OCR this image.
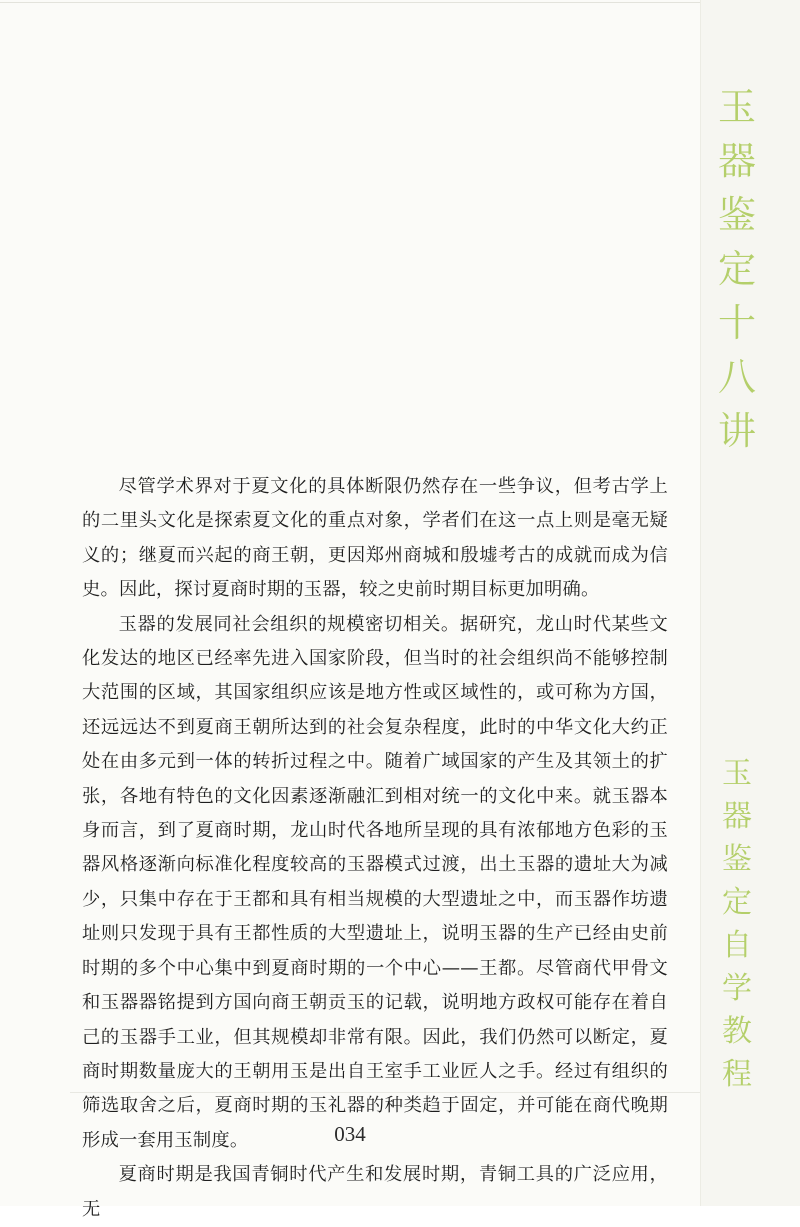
玉
器
鉴
定
十
八
讲
玉
器
鉴
定
自
学
教
程

尽管学术界对于夏文化的具体断限仍然存在一些争议，但考古学上的二里头文化是探索夏文化的重点对象，学者们在这一点上则是毫无疑义的；继夏而兴起的商王朝，更因郑州商城和殷墟考古的成就而成为信史。因此，探讨夏商时期的玉器，较之史前时期目标更加明确。

玉器的发展同社会组织的规模密切相关。据研究，龙山时代某些文化发达的地区已经率先进入国家阶段，但当时的社会组织尚不能够控制大范围的区域，其国家组织应该是地方性或区域性的，或可称为方国，还远远达不到夏商王朝所达到的社会复杂程度，此时的中华文化大约正处在由多元到一体的转折过程之中。随着广域国家的产生及其领土的扩张，各地有特色的文化因素逐渐融汇到相对统一的文化中来。就玉器本身而言，到了夏商时期，龙山时代各地所呈现的具有浓郁地方色彩的玉器风格逐渐向标准化程度较高的玉器模式过渡，出土玉器的遗址大为减少，只集中存在于王都和具有相当规模的大型遗址之中，而玉器作坊遗址则只发现于具有王都性质的大型遗址上，说明玉器的生产已经由史前时期的多个中心集中到夏商时期的一个中心——王都。尽管商代甲骨文和玉器器铭提到方国向商王朝贡玉的记载，说明地方政权可能存在着自己的玉器手工业，但其规模却非常有限。因此，我们仍然可以断定，夏商时期数量庞大的王朝用玉是出自王室手工业匠人之手。经过有组织的筛选取舍之后，夏商时期的玉礼器的种类趋于固定，并可能在商代晚期形成一套用玉制度。

夏商时期是我国青铜时代产生和发展时期，青铜工具的广泛应用，无

034
